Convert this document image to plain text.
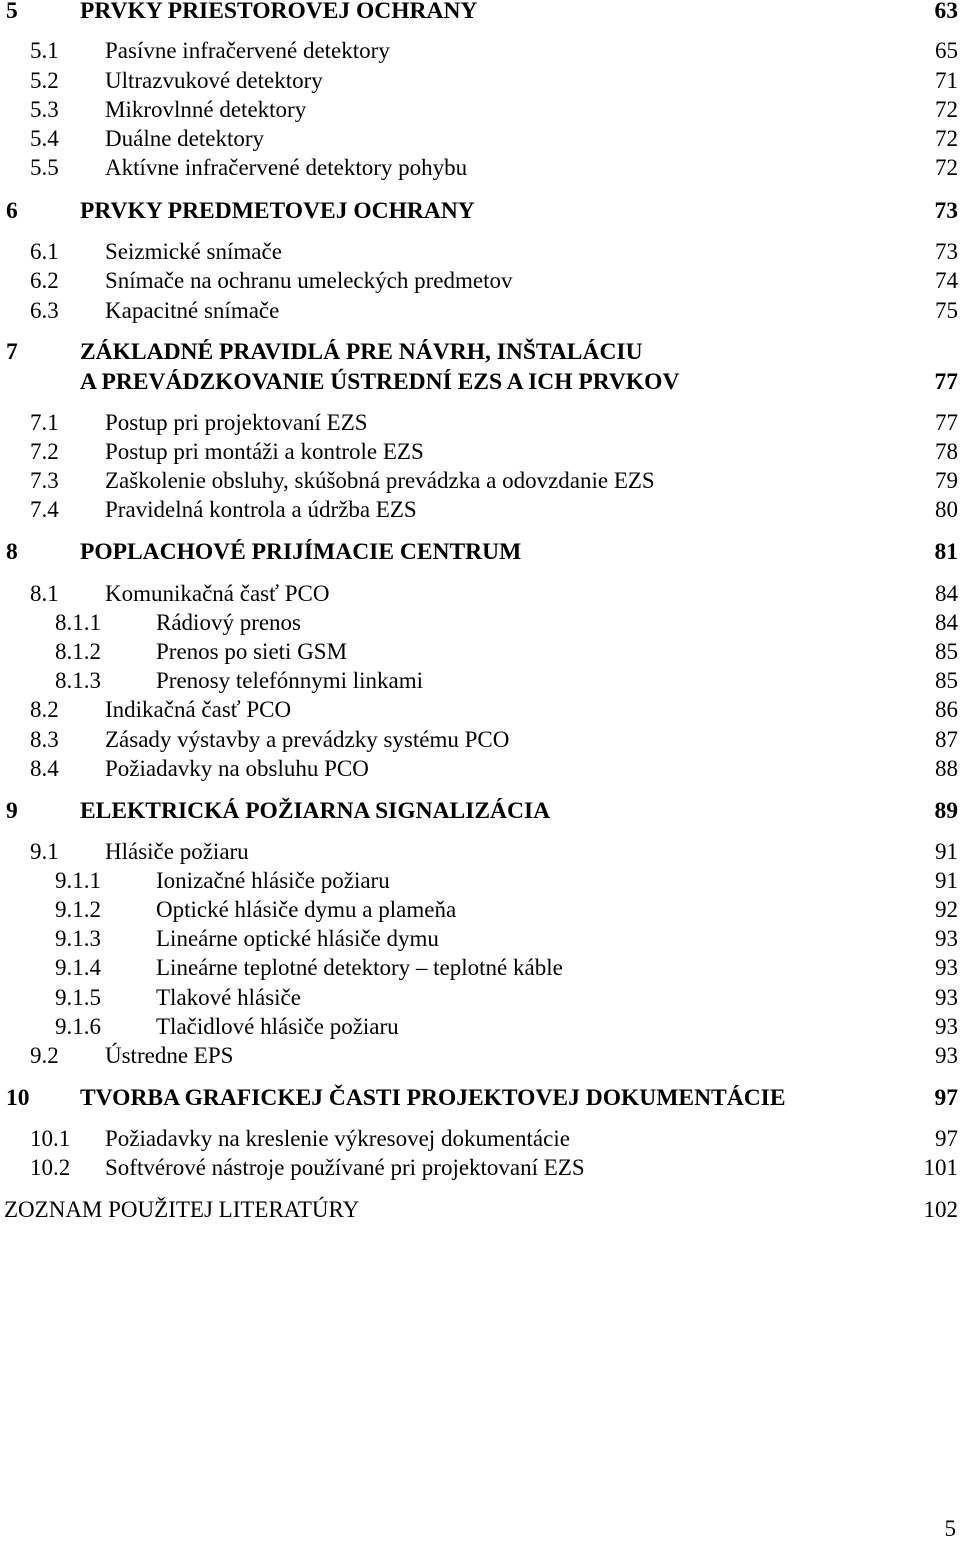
5	PRVKY PRIESTOROVEJ OCHRANY	63
5.1 Pasívne infračervené detektory	65
5.2 Ultrazvukové detektory	71
5.3 Mikrovlnné detektory	72
5.4 Duálne detektory	72
5.5 Aktívne infračervené detektory pohybu	72
6	PRVKY PREDMETOVEJ OCHRANY	73
6.1 Seizmické snímače	73
6.2 Snímače na ochranu umeleckých predmetov	74
6.3 Kapacitné snímače	75
7	ZÁKLADNÉ PRAVIDLÁ PRE NÁVRH, INŠTALÁCIU
A PREVÁDZKOVANIE ÚSTREDNÍ EZS A ICH PRVKOV	77
7.1 Postup pri projektovaní EZS	77
7.2 Postup pri montáži a kontrole EZS	78
7.3 Zaškolenie obsluhy, skúšobná prevádzka a odovzdanie EZS	79
7.4 Pravidelná kontrola a údržba EZS	80
8	POPLACHOVÉ PRIJÍMACIE CENTRUM	81
8.1 Komunikačná časť PCO	84
8.1.1 Rádiový prenos	84
8.1.2 Prenos po sieti GSM	85
8.1.3 Prenosy telefónnymi linkami	85
8.2 Indikačná časť PCO	86
8.3 Zásady výstavby a prevádzky systému PCO	87
8.4 Požiadavky na obsluhu PCO	88
9	ELEKTRICKÁ POŽIARNA SIGNALIZÁCIA	89
9.1 Hlásiče požiaru	91
9.1.1 Ionizačné hlásiče požiaru	91
9.1.2 Optické hlásiče dymu a plameňa	92
9.1.3 Lineárne optické hlásiče dymu	93
9.1.4 Lineárne teplotné detektory – teplotné káble	93
9.1.5 Tlakové hlásiče	93
9.1.6 Tlačidlové hlásiče požiaru	93
9.2 Ústredne EPS	93
10 TVORBA GRAFICKEJ ČASTI PROJEKTOVEJ DOKUMENTÁCIE	97
10.1 Požiadavky na kreslenie výkresovej dokumentácie	97
10.2 Softvérové nástroje používané pri projektovaní EZS	101
ZOZNAM POUŽITEJ LITERATÚRY	102
5
